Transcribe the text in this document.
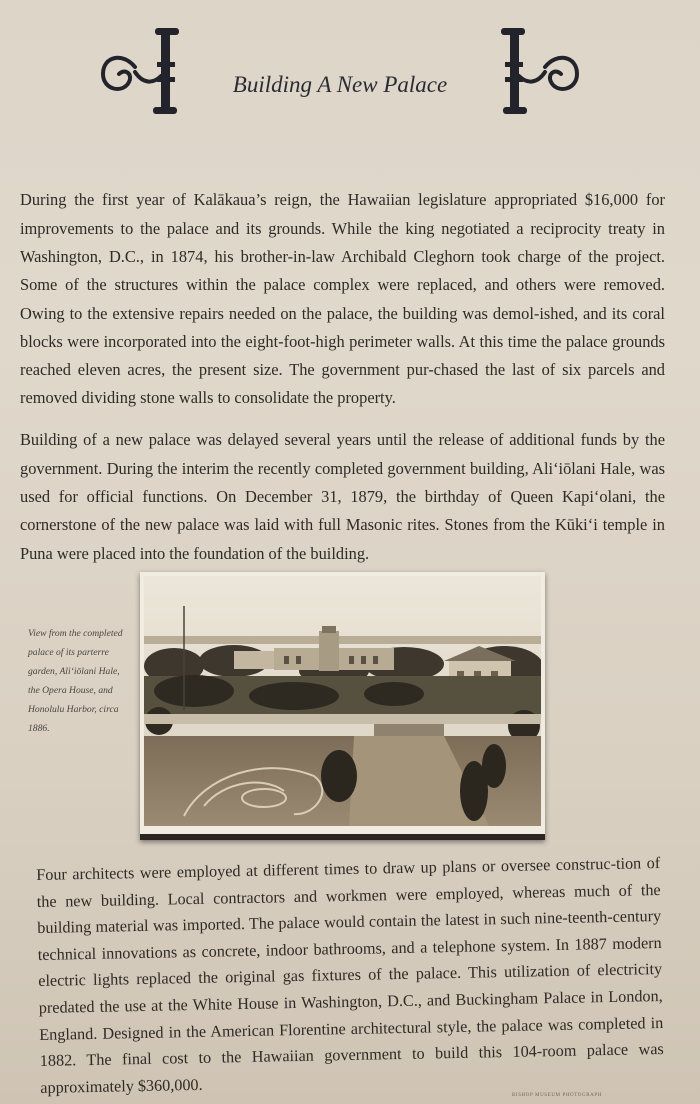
Building A New Palace

During the first year of Kalākaua’s reign, the Hawaiian legislature appropriated $16,000 for improvements to the palace and its grounds. While the king negotiated a reciprocity treaty in Washington, D.C., in 1874, his brother-in-law Archibald Cleghorn took charge of the project. Some of the structures within the palace complex were replaced, and others were removed. Owing to the extensive repairs needed on the palace, the building was demol-ished, and its coral blocks were incorporated into the eight-foot-high perimeter walls. At this time the palace grounds reached eleven acres, the present size. The government pur-chased the last of six parcels and removed dividing stone walls to consolidate the property.

Building of a new palace was delayed several years until the release of additional funds by the government. During the interim the recently completed government building, Ali‘iōlani Hale, was used for official functions. On December 31, 1879, the birthday of Queen Kapi‘olani, the cornerstone of the new palace was laid with full Masonic rites. Stones from the Kūki‘i temple in Puna were placed into the foundation of the building.

View from the completed palace of its parterre garden, Ali‘iōlani Hale, the Opera House, and Honolulu Harbor, circa 1886.

Four architects were employed at different times to draw up plans or oversee construc-tion of the new building. Local contractors and workmen were employed, whereas much of the building material was imported. The palace would contain the latest in such nine-teenth-century technical innovations as concrete, indoor bathrooms, and a telephone system. In 1887 modern electric lights replaced the original gas fixtures of the palace. This utilization of electricity predated the use at the White House in Washington, D.C., and Buckingham Palace in London, England. Designed in the American Florentine architectural style, the palace was completed in 1882. The final cost to the Hawaiian government to build this 104-room palace was approximately $360,000.	BISHOP MUSEUM PHOTOGRAPH
